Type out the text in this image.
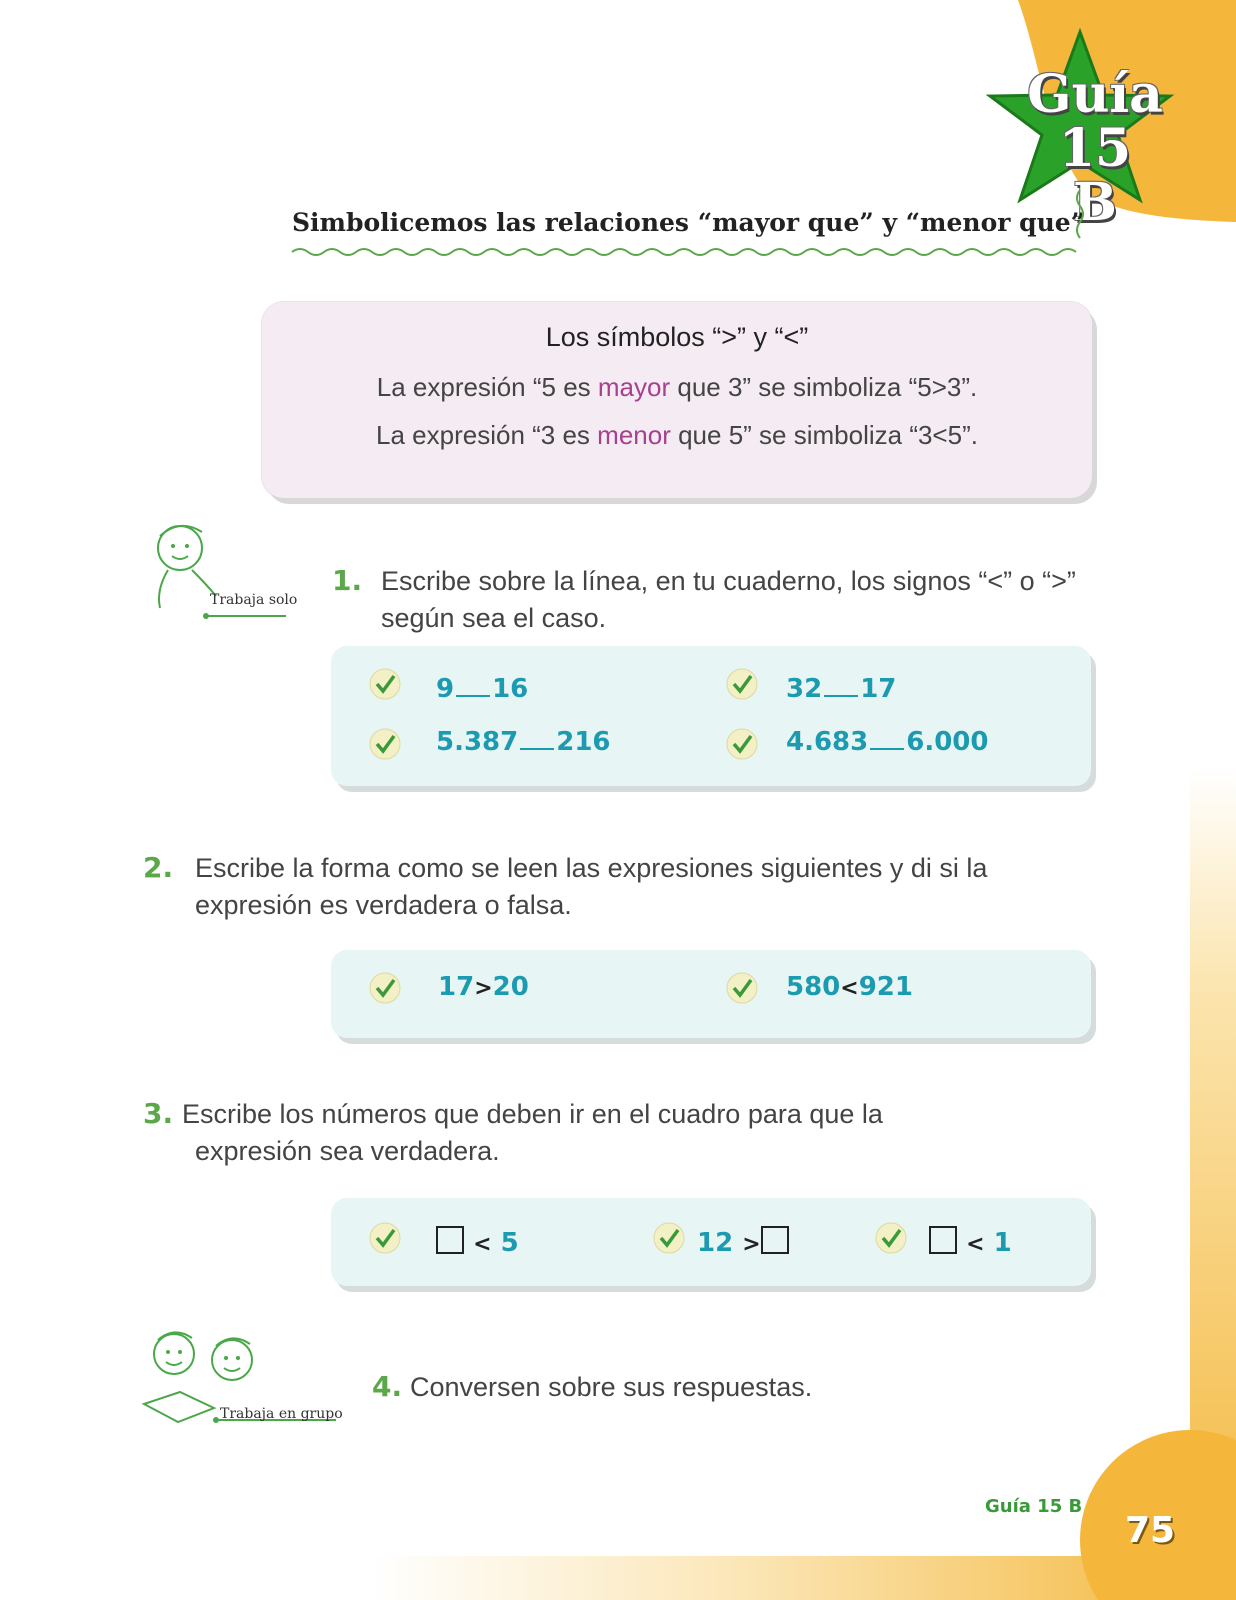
Guía 15
B
Simbolicemos las relaciones “mayor que” y “menor que”
Los símbolos “>” y “<”
La expresión “5 es mayor que 3” se simboliza “5>3”.
La expresión “3 es menor que 5” se simboliza “3<5”.
Trabaja solo
1. Escribe sobre la línea, en tu cuaderno, los signos “<” o “>”
según sea el caso.
9 16	32 17
5.387 216	4.683 6.000
2. Escribe la forma como se leen las expresiones siguientes y di si la
expresión es verdadera o falsa.
17>20	580<921
3. Escribe los números que deben ir en el cuadro para que la
expresión sea verdadera.
< 5	12 >	< 1
Trabaja en grupo
4. Conversen sobre sus respuestas.
Guía 15 B
75
